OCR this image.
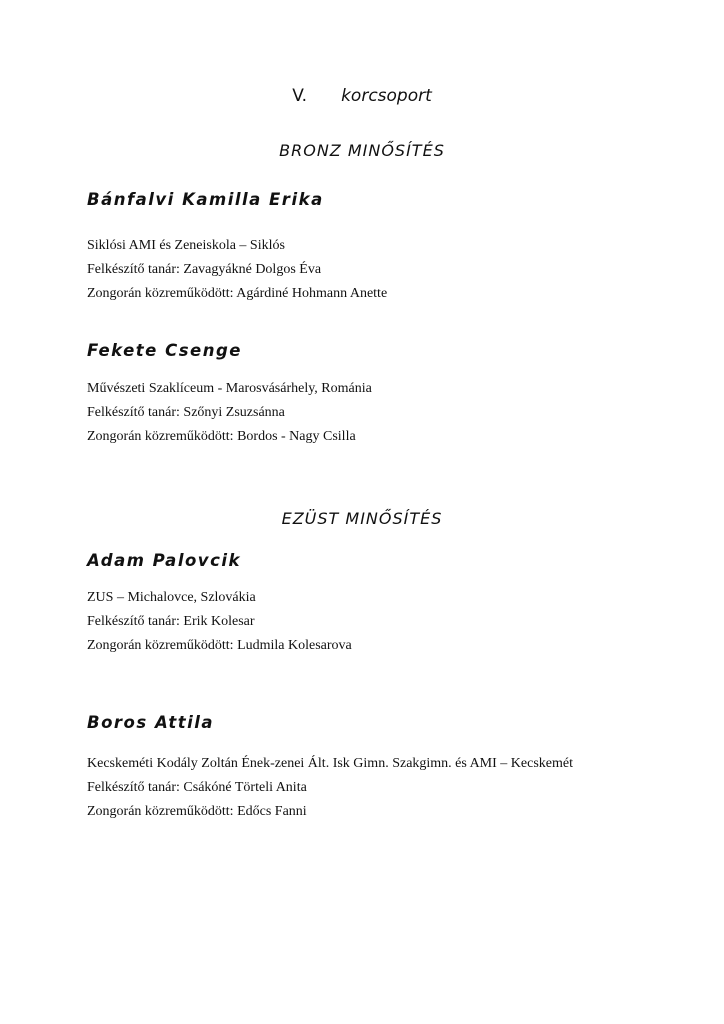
V. korcsoport
BRONZ MINŐSÍTÉS
Bánfalvi Kamilla Erika
Siklósi AMI és Zeneiskola – Siklós
Felkészítő tanár: Zavagyákné Dolgos Éva
Zongorán közreműködött: Agárdiné Hohmann Anette
Fekete Csenge
Művészeti Szaklíceum - Marosvásárhely, Románia
Felkészítő tanár: Szőnyi Zsuzsánna
Zongorán közreműködött: Bordos - Nagy Csilla
EZÜST MINŐSÍTÉS
Adam Palovcik
ZUS – Michalovce, Szlovákia
Felkészítő tanár: Erik Kolesar
Zongorán közreműködött: Ludmila Kolesarova
Boros Attila
Kecskeméti Kodály Zoltán Ének-zenei Ált. Isk Gimn. Szakgimn. és AMI – Kecskemét
Felkészítő tanár: Csákóné Törteli Anita
Zongorán közreműködött: Edőcs Fanni
